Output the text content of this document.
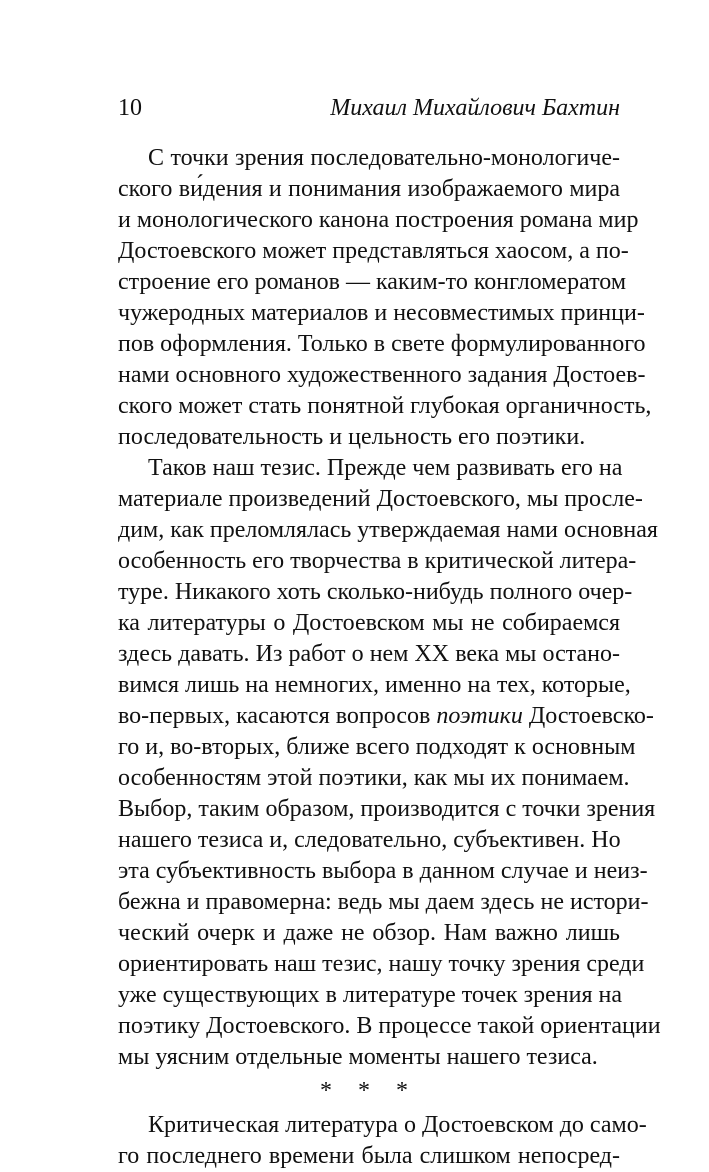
10	Михаил Михайлович Бахтин
С точки зрения последовательно-монологиче-
ского ви́дения и понимания изображаемого мира
и монологического канона построения романа мир
Достоевского может представляться хаосом, а по-
строение его романов — каким-то конгломератом
чужеродных материалов и несовместимых принци-
пов оформления. Только в свете формулированного
нами основного художественного задания Достоев-
ского может стать понятной глубокая органичность,
последовательность и цельность его поэтики.
Таков наш тезис. Прежде чем развивать его на
материале произведений Достоевского, мы просле-
дим, как преломлялась утверждаемая нами основная
особенность его творчества в критической литера-
туре. Никакого хоть сколько-нибудь полного очер-
ка литературы о Достоевском мы не собираемся
здесь давать. Из работ о нем XX века мы остано-
вимся лишь на немногих, именно на тех, которые,
во-первых, касаются вопросов поэтики Достоевско-
го и, во-вторых, ближе всего подходят к основным
особенностям этой поэтики, как мы их понимаем.
Выбор, таким образом, производится с точки зрения
нашего тезиса и, следовательно, субъективен. Но
эта субъективность выбора в данном случае и неиз-
бежна и правомерна: ведь мы даем здесь не истори-
ческий очерк и даже не обзор. Нам важно лишь
ориентировать наш тезис, нашу точку зрения среди
уже существующих в литературе точек зрения на
поэтику Достоевского. В процессе такой ориентации
мы уясним отдельные моменты нашего тезиса.
* * *
Критическая литература о Достоевском до само-
го последнего времени была слишком непосред-
